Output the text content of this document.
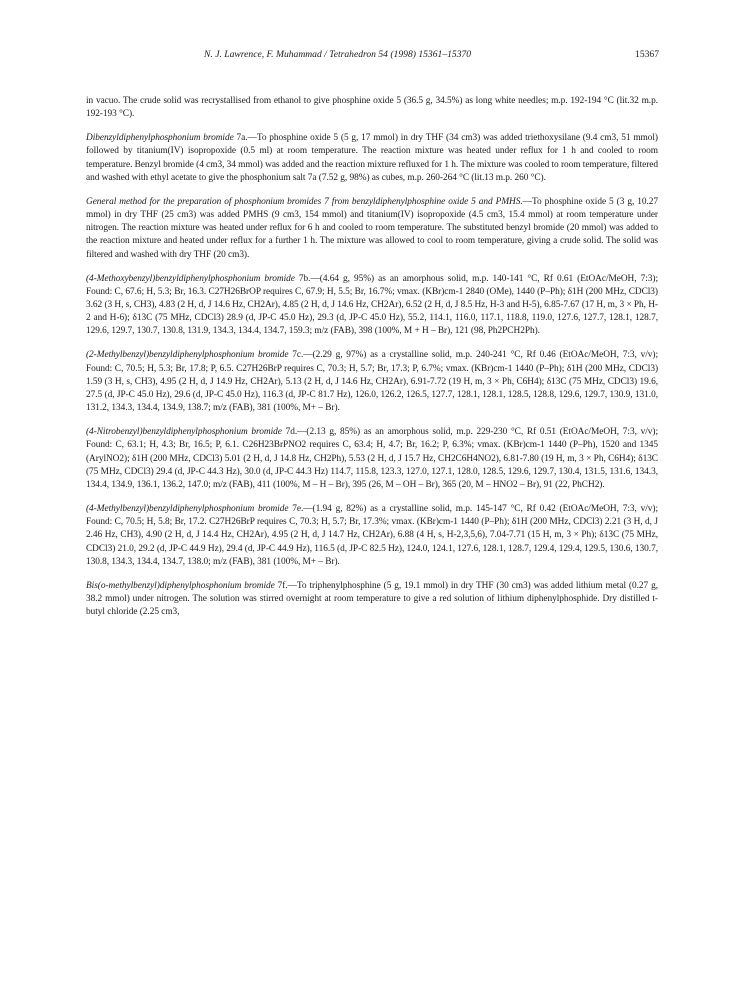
N. J. Lawrence, F. Muhammad / Tetrahedron 54 (1998) 15361–15370	15367

in vacuo. The crude solid was recrystallised from ethanol to give phosphine oxide 5 (36.5 g, 34.5%) as long white needles; m.p. 192-194 °C (lit.32 m.p. 192-193 °C).

Dibenzyldiphenylphosphonium bromide 7a.—To phosphine oxide 5 (5 g, 17 mmol) in dry THF (34 cm3) was added triethoxysilane (9.4 cm3, 51 mmol) followed by titanium(IV) isopropoxide (0.5 ml) at room temperature. The reaction mixture was heated under reflux for 1 h and cooled to room temperature. Benzyl bromide (4 cm3, 34 mmol) was added and the reaction mixture refluxed for 1 h. The mixture was cooled to room temperature, filtered and washed with ethyl acetate to give the phosphonium salt 7a (7.52 g, 98%) as cubes, m.p. 260-264 °C (lit.13 m.p. 260 °C).

General method for the preparation of phosphonium bromides 7 from benzyldiphenylphosphine oxide 5 and PMHS.—To phosphine oxide 5 (3 g, 10.27 mmol) in dry THF (25 cm3) was added PMHS (9 cm3, 154 mmol) and titanium(IV) isopropoxide (4.5 cm3, 15.4 mmol) at room temperature under nitrogen. The reaction mixture was heated under reflux for 6 h and cooled to room temperature. The substituted benzyl bromide (20 mmol) was added to the reaction mixture and heated under reflux for a further 1 h. The mixture was allowed to cool to room temperature, giving a crude solid. The solid was filtered and washed with dry THF (20 cm3).

(4-Methoxybenzyl)benzyldiphenylphosphonium bromide 7b.—(4.64 g, 95%) as an amorphous solid, m.p. 140-141 °C, Rf 0.61 (EtOAc/MeOH, 7:3); Found: C, 67.6; H, 5.3; Br, 16.3. C27H26BrOP requires C, 67.9; H, 5.5; Br, 16.7%; vmax. (KBr)cm-1 2840 (OMe), 1440 (P–Ph); δ1H (200 MHz, CDCl3) 3.62 (3 H, s, CH3), 4.83 (2 H, d, J 14.6 Hz, CH2Ar), 4.85 (2 H, d, J 14.6 Hz, CH2Ar), 6.52 (2 H, d, J 8.5 Hz, H-3 and H-5), 6.85-7.67 (17 H, m, 3 × Ph, H-2 and H-6); δ13C (75 MHz, CDCl3) 28.9 (d, JP-C 45.0 Hz), 29.3 (d, JP-C 45.0 Hz), 55.2, 114.1, 116.0, 117.1, 118.8, 119.0, 127.6, 127.7, 128.1, 128.7, 129.6, 129.7, 130.7, 130.8, 131.9, 134.3, 134.4, 134.7, 159.3; m/z (FAB), 398 (100%, M + H – Br), 121 (98, Ph2PCH2Ph).

(2-Methylbenzyl)benzyldiphenylphosphonium bromide 7c.—(2.29 g, 97%) as a crystalline solid, m.p. 240-241 °C, Rf 0.46 (EtOAc/MeOH, 7:3, v/v); Found: C, 70.5; H, 5.3; Br, 17.8; P, 6.5. C27H26BrP requires C, 70.3; H, 5.7; Br, 17.3; P, 6.7%; vmax. (KBr)cm-1 1440 (P–Ph); δ1H (200 MHz, CDCl3) 1.59 (3 H, s, CH3), 4.95 (2 H, d, J 14.9 Hz, CH2Ar), 5.13 (2 H, d, J 14.6 Hz, CH2Ar), 6.91-7.72 (19 H, m, 3 × Ph, C6H4); δ13C (75 MHz, CDCl3) 19.6, 27.5 (d, JP-C 45.0 Hz), 29.6 (d, JP-C 45.0 Hz), 116.3 (d, JP-C 81.7 Hz), 126.0, 126.2, 126.5, 127.7, 128.1, 128.1, 128.5, 128.8, 129.6, 129.7, 130.9, 131.0, 131.2, 134.3, 134.4, 134.9, 138.7; m/z (FAB), 381 (100%, M+ – Br).

(4-Nitrobenzyl)benzyldiphenylphosphonium bromide 7d.—(2.13 g, 85%) as an amorphous solid, m.p. 229-230 °C, Rf 0.51 (EtOAc/MeOH, 7:3, v/v); Found: C, 63.1; H, 4.3; Br, 16.5; P, 6.1. C26H23BrPNO2 requires C, 63.4; H, 4.7; Br, 16.2; P, 6.3%; vmax. (KBr)cm-1 1440 (P–Ph), 1520 and 1345 (ArylNO2); δ1H (200 MHz, CDCl3) 5.01 (2 H, d, J 14.8 Hz, CH2Ph), 5.53 (2 H, d, J 15.7 Hz, CH2C6H4NO2), 6.81-7.80 (19 H, m, 3 × Ph, C6H4); δ13C (75 MHz, CDCl3) 29.4 (d, JP-C 44.3 Hz), 30.0 (d, JP-C 44.3 Hz) 114.7, 115.8, 123.3, 127.0, 127.1, 128.0, 128.5, 129.6, 129.7, 130.4, 131.5, 131.6, 134.3, 134.4, 134.9, 136.1, 136.2, 147.0; m/z (FAB), 411 (100%, M – H – Br), 395 (26, M – OH – Br), 365 (20, M – HNO2 – Br), 91 (22, PhCH2).

(4-Methylbenzyl)benzyldiphenylphosphonium bromide 7e.—(1.94 g, 82%) as a crystalline solid, m.p. 145-147 °C, Rf 0.42 (EtOAc/MeOH, 7:3, v/v); Found: C, 70.5; H, 5.8; Br, 17.2. C27H26BrP requires C, 70.3; H, 5.7; Br, 17.3%; vmax. (KBr)cm-1 1440 (P–Ph); δ1H (200 MHz, CDCl3) 2.21 (3 H, d, J 2.46 Hz, CH3), 4.90 (2 H, d, J 14.4 Hz, CH2Ar), 4.95 (2 H, d, J 14.7 Hz, CH2Ar), 6.88 (4 H, s, H-2,3,5,6), 7.04-7.71 (15 H, m, 3 × Ph); δ13C (75 MHz, CDCl3) 21.0, 29.2 (d, JP-C 44.9 Hz), 29.4 (d, JP-C 44.9 Hz), 116.5 (d, JP-C 82.5 Hz), 124.0, 124.1, 127.6, 128.1, 128.7, 129.4, 129.4, 129.5, 130.6, 130.7, 130.8, 134.3, 134.4, 134.7, 138.0; m/z (FAB), 381 (100%, M+ – Br).

Bis(o-methylbenzyl)diphenylphosphonium bromide 7f.—To triphenylphosphine (5 g, 19.1 mmol) in dry THF (30 cm3) was added lithium metal (0.27 g, 38.2 mmol) under nitrogen. The solution was stirred overnight at room temperature to give a red solution of lithium diphenylphosphide. Dry distilled t-butyl chloride (2.25 cm3,
